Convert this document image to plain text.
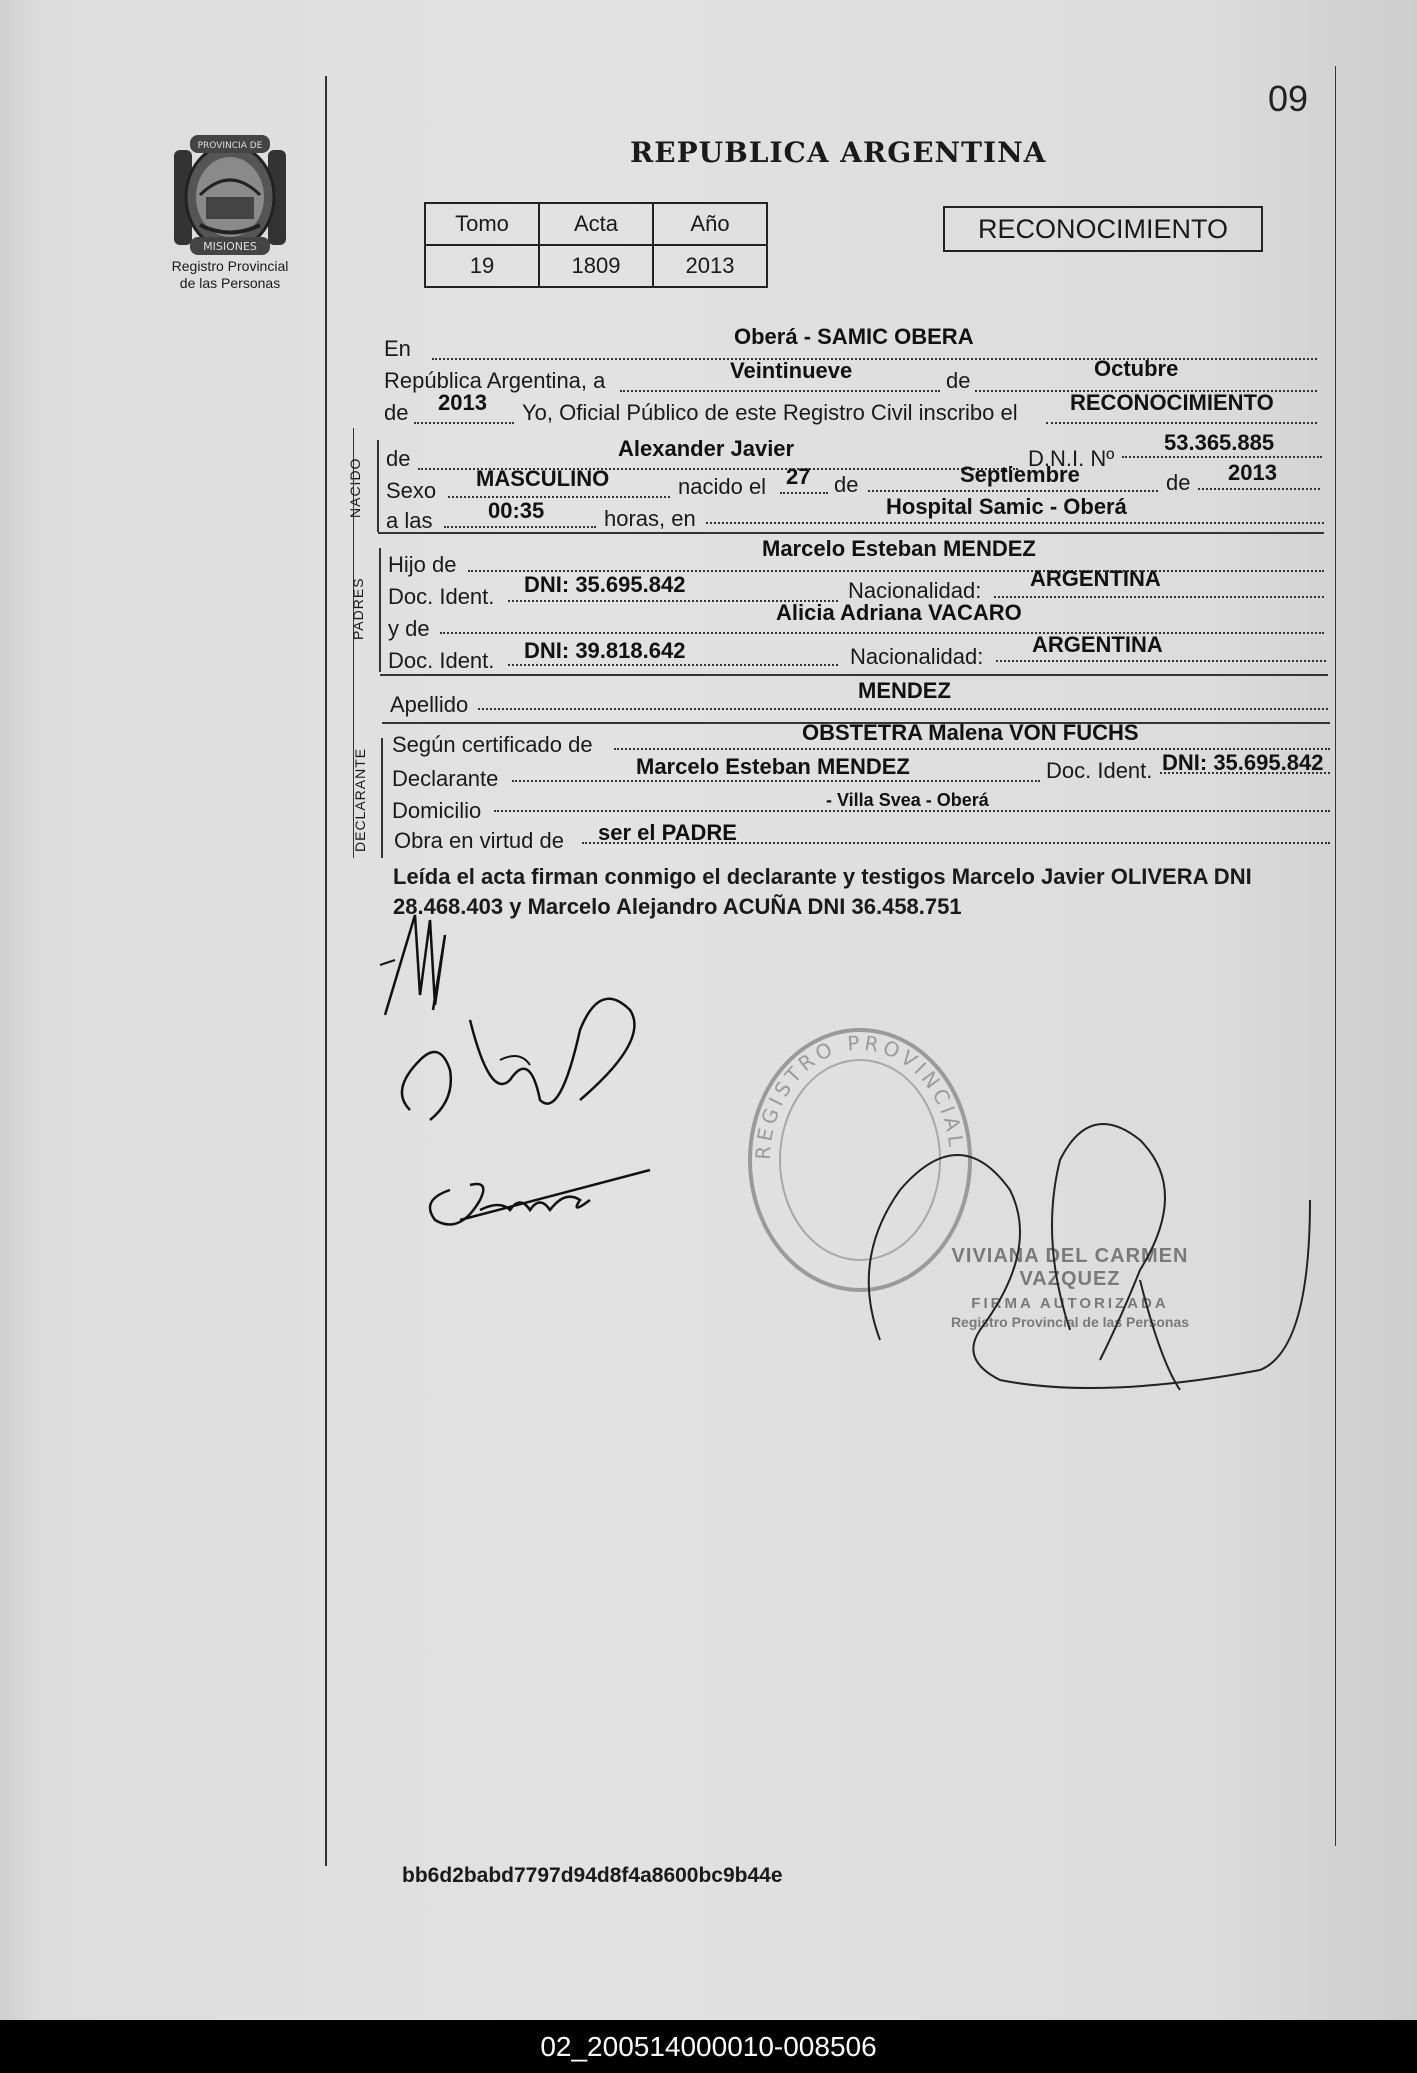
09
REPUBLICA ARGENTINA
PROVINCIA DE
MISIONES
Registro Provincial
de las Personas
Tomo	Acta	Año
19	1809	2013
RECONOCIMIENTO
En	Oberá - SAMIC OBERA
República Argentina, a	Veintinueve	de	Octubre
de 2013 Yo, Oficial Público de este Registro Civil inscribo el RECONOCIMIENTO
NACIDO de	Alexander Javier	D.N.I. Nº
53.365.885
Sexo MASCULINO	nacido el 27 de	Septiembre	de 2013
a las	00:35	horas, en	Hospital Samic - Oberá
PADRES
Hijo de
Marcelo Esteban MENDEZ
Doc. Ident. DNI: 35.695.842	Nacionalidad: ARGENTINA
y de
Alicia Adriana VACARO
Doc. Ident. DNI: 39.818.642	Nacionalidad: ARGENTINA
Apellido
MENDEZ
DECLARANTE
Según certificado de	OBSTETRA Malena VON FUCHS
Declarante	Marcelo Esteban MENDEZ	Doc. Ident. DNI: 35.695.842
Domicilio	- Villa Svea - Oberá
Obra en virtud de ser el PADRE
Leída el acta firman conmigo el declarante y testigos Marcelo Javier OLIVERA DNI 28.468.403 y Marcelo Alejandro ACUÑA DNI 36.458.751
REGISTRO PROVINCIAL
VIVIANA DEL CARMEN VAZQUEZ
FIRMA AUTORIZADA
Registro Provincial de las Personas
bb6d2babd7797d94d8f4a8600bc9b44e
02_200514000010-008506
